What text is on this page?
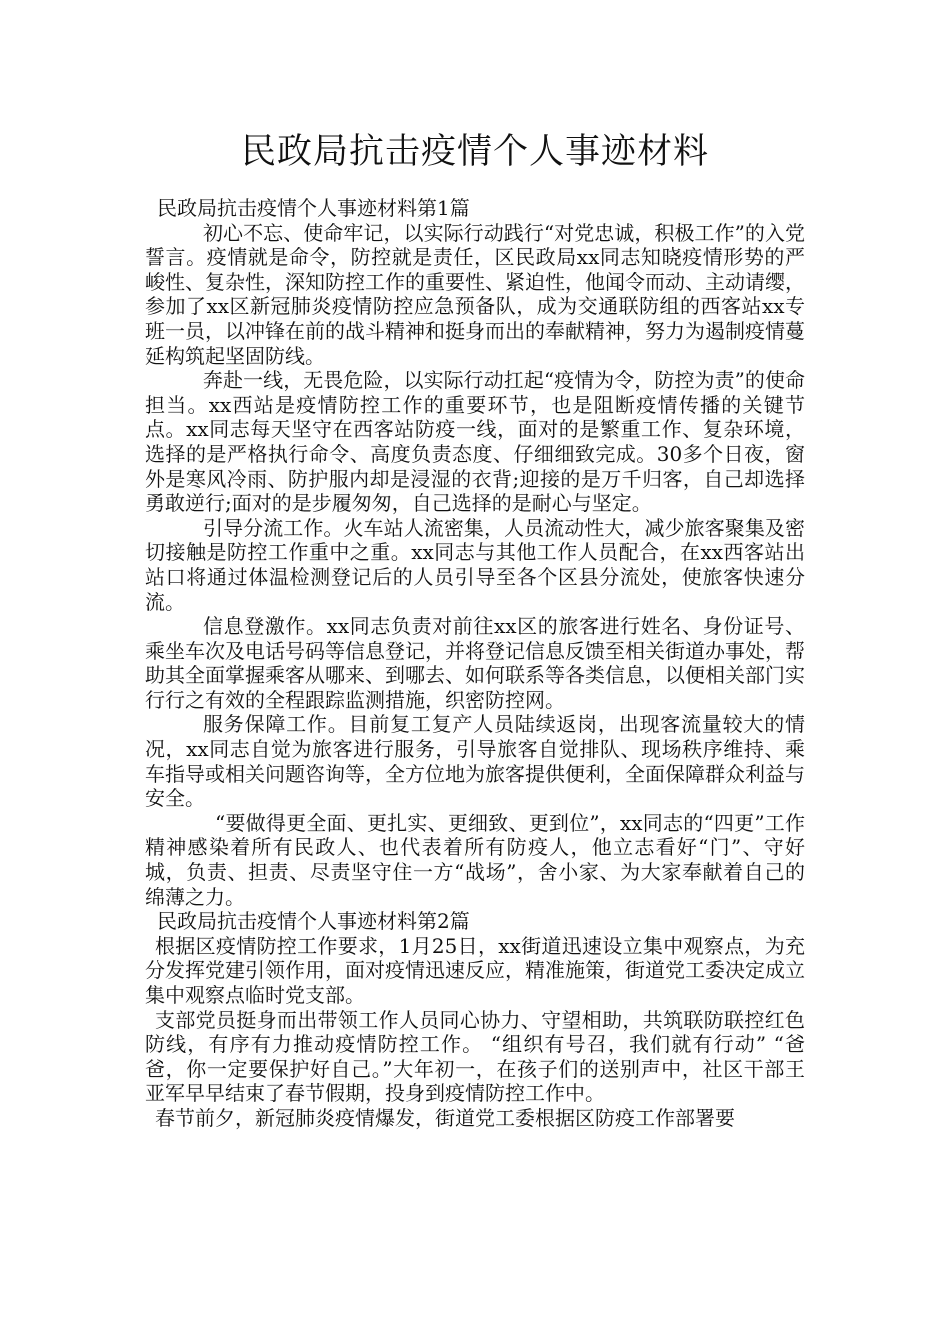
民政局抗击疫情个人事迹材料

民政局抗击疫情个人事迹材料第1篇

初心不忘、使命牢记，以实际行动践行“对党忠诚，积极工作”的入党誓言。疫情就是命令，防控就是责任，区民政局xx同志知晓疫情形势的严峻性、复杂性，深知防控工作的重要性、紧迫性，他闻令而动、主动请缨，参加了xx区新冠肺炎疫情防控应急预备队，成为交通联防组的西客站xx专班一员，以冲锋在前的战斗精神和挺身而出的奉献精神，努力为遏制疫情蔓延构筑起坚固防线。

奔赴一线，无畏危险，以实际行动扛起“疫情为令，防控为责”的使命担当。xx西站是疫情防控工作的重要环节，也是阻断疫情传播的关键节点。xx同志每天坚守在西客站防疫一线，面对的是繁重工作、复杂环境，选择的是严格执行命令、高度负责态度、仔细细致完成。30多个日夜，窗外是寒风冷雨、防护服内却是浸湿的衣背;迎接的是万千归客，自己却选择勇敢逆行;面对的是步履匆匆，自己选择的是耐心与坚定。

引导分流工作。火车站人流密集，人员流动性大，减少旅客聚集及密切接触是防控工作重中之重。xx同志与其他工作人员配合，在xx西客站出站口将通过体温检测登记后的人员引导至各个区县分流处，使旅客快速分流。

信息登激作。xx同志负责对前往xx区的旅客进行姓名、身份证号、乘坐车次及电话号码等信息登记，并将登记信息反馈至相关街道办事处，帮助其全面掌握乘客从哪来、到哪去、如何联系等各类信息，以便相关部门实行行之有效的全程跟踪监测措施，织密防控网。

服务保障工作。目前复工复产人员陆续返岗，出现客流量较大的情况，xx同志自觉为旅客进行服务，引导旅客自觉排队、现场秩序维持、乘车指导或相关问题咨询等，全方位地为旅客提供便利，全面保障群众利益与安全。

“要做得更全面、更扎实、更细致、更到位”，xx同志的“四更”工作精神感染着所有民政人、也代表着所有防疫人，他立志看好“门”、守好城，负责、担责、尽责坚守住一方“战场”，舍小家、为大家奉献着自己的绵薄之力。

民政局抗击疫情个人事迹材料第2篇

根据区疫情防控工作要求，1月25日，xx街道迅速设立集中观察点，为充分发挥党建引领作用，面对疫情迅速反应，精准施策，街道党工委决定成立集中观察点临时党支部。

支部党员挺身而出带领工作人员同心协力、守望相助，共筑联防联控红色防线，有序有力推动疫情防控工作。 “组织有号召，我们就有行动” “爸爸，你一定要保护好自己。”大年初一，在孩子们的送别声中，社区干部王亚军早早结束了春节假期，投身到疫情防控工作中。

春节前夕，新冠肺炎疫情爆发，街道党工委根据区防疫工作部署要
